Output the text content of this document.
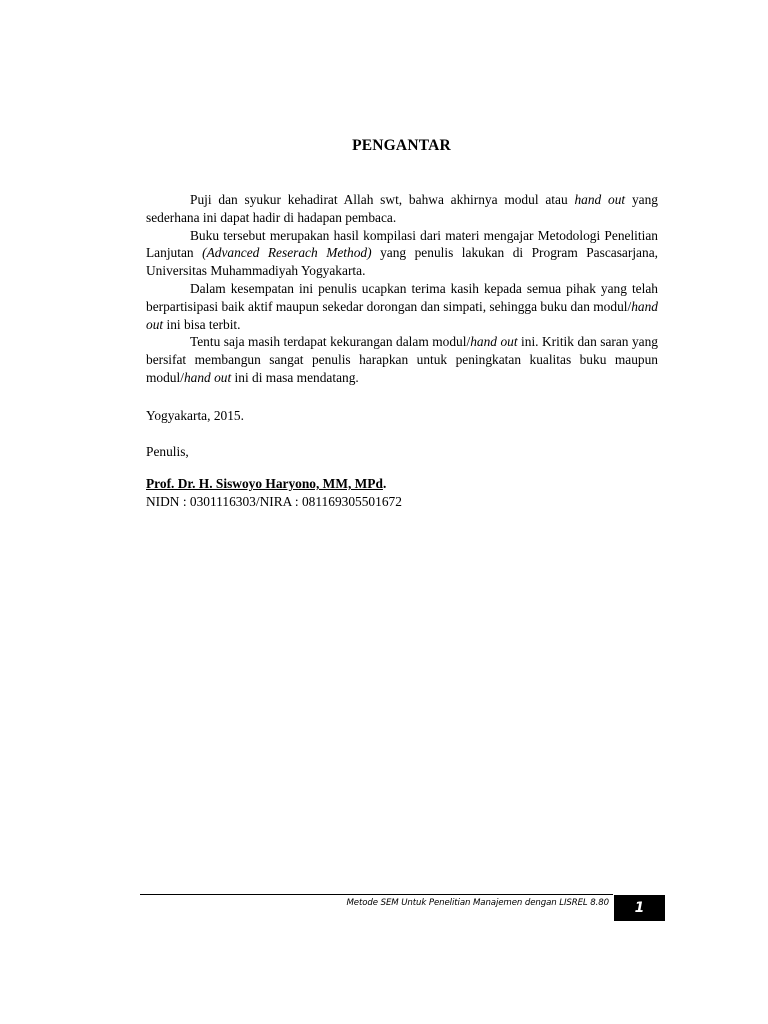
PENGANTAR

Puji dan syukur kehadirat Allah swt, bahwa akhirnya modul atau hand out yang sederhana ini dapat hadir di hadapan pembaca.

Buku tersebut merupakan hasil kompilasi dari materi mengajar Metodologi Penelitian Lanjutan (Advanced Reserach Method) yang penulis lakukan di Program Pascasarjana, Universitas Muhammadiyah Yogyakarta.

Dalam kesempatan ini penulis ucapkan terima kasih kepada semua pihak yang telah berpartisipasi baik aktif maupun sekedar dorongan dan simpati, sehingga buku dan modul/hand out ini bisa terbit.

Tentu saja masih terdapat kekurangan dalam modul/hand out ini. Kritik dan saran yang bersifat membangun sangat penulis harapkan untuk peningkatan kualitas buku maupun modul/hand out ini di masa mendatang.

Yogyakarta, 2015.
Penulis,
Prof. Dr. H. Siswoyo Haryono, MM, MPd.
NIDN : 0301116303/NIRA : 081169305501672
Metode SEM Untuk Penelitian Manajemen dengan LISREL 8.80 1
